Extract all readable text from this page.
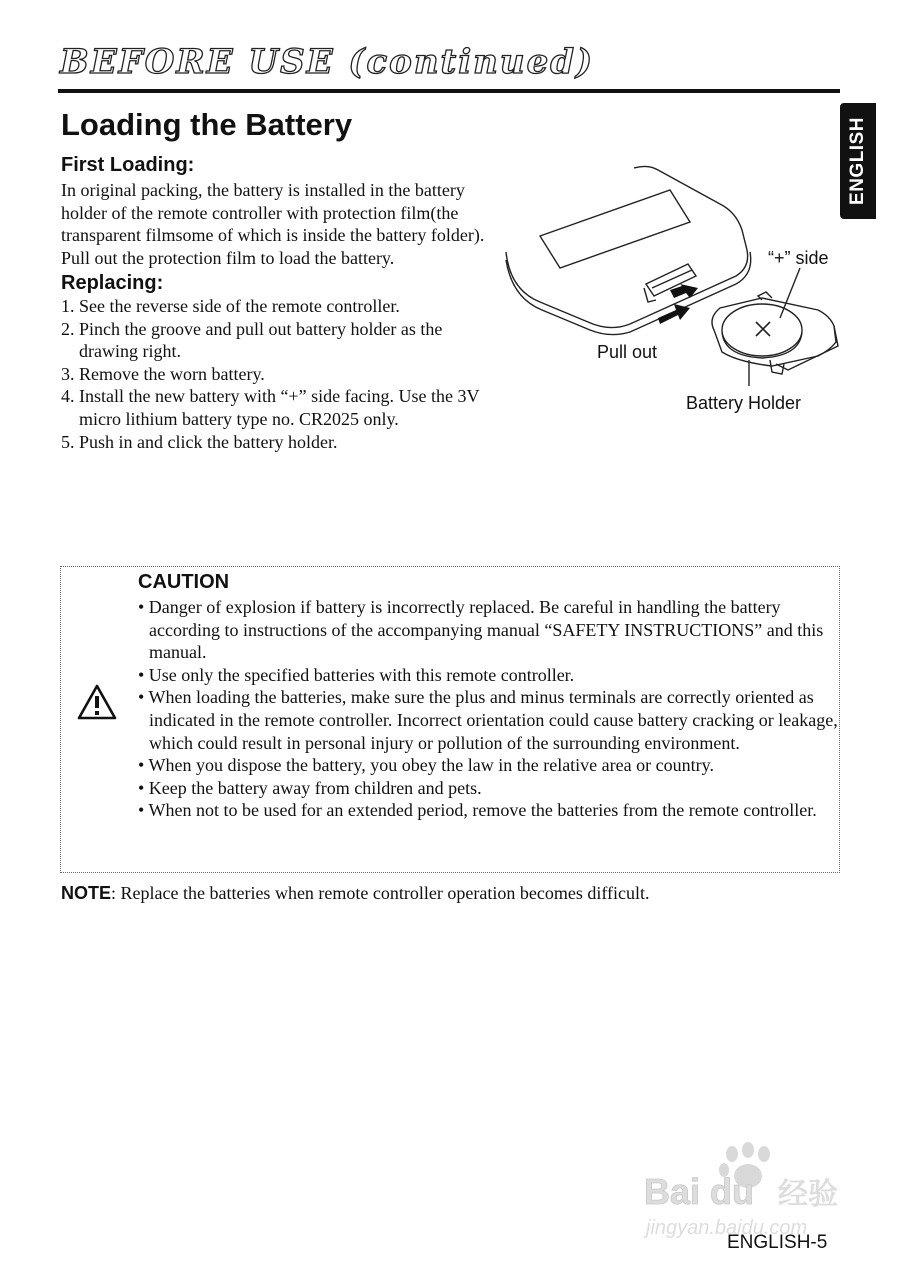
BEFORE USE (continued)
ENGLISH
Loading the Battery
First Loading:

In original packing, the battery is installed in the battery holder of the remote controller with protection film(the transparent filmsome of which is inside the battery folder). Pull out the protection film to load the battery.

Replacing:
1. See the reverse side of the remote controller.
2. Pinch the groove and pull out battery holder as the drawing right.
3. Remove the worn battery.
4. Install the new battery with “+” side facing. Use the 3V micro lithium battery type no. CR2025 only.
5. Push in and click the battery holder.
“+” side
Pull out
Battery Holder
CAUTION
• Danger of explosion if battery is incorrectly replaced. Be careful in handling the battery according to instructions of the accompanying manual “SAFETY INSTRUCTIONS” and this manual.
• Use only the specified batteries with this remote controller.
• When loading the batteries, make sure the plus and minus terminals are correctly oriented as indicated in the remote controller. Incorrect orientation could cause battery cracking or leakage, which could result in personal injury or pollution of the surrounding environment.
• When you dispose the battery, you obey the law in the relative area or country.
• Keep the battery away from children and pets.
• When not to be used for an extended period, remove the batteries from the remote controller.

NOTE: Replace the batteries when remote controller operation becomes difficult.

Bai du 经验
jingyan.baidu.com

ENGLISH-5
